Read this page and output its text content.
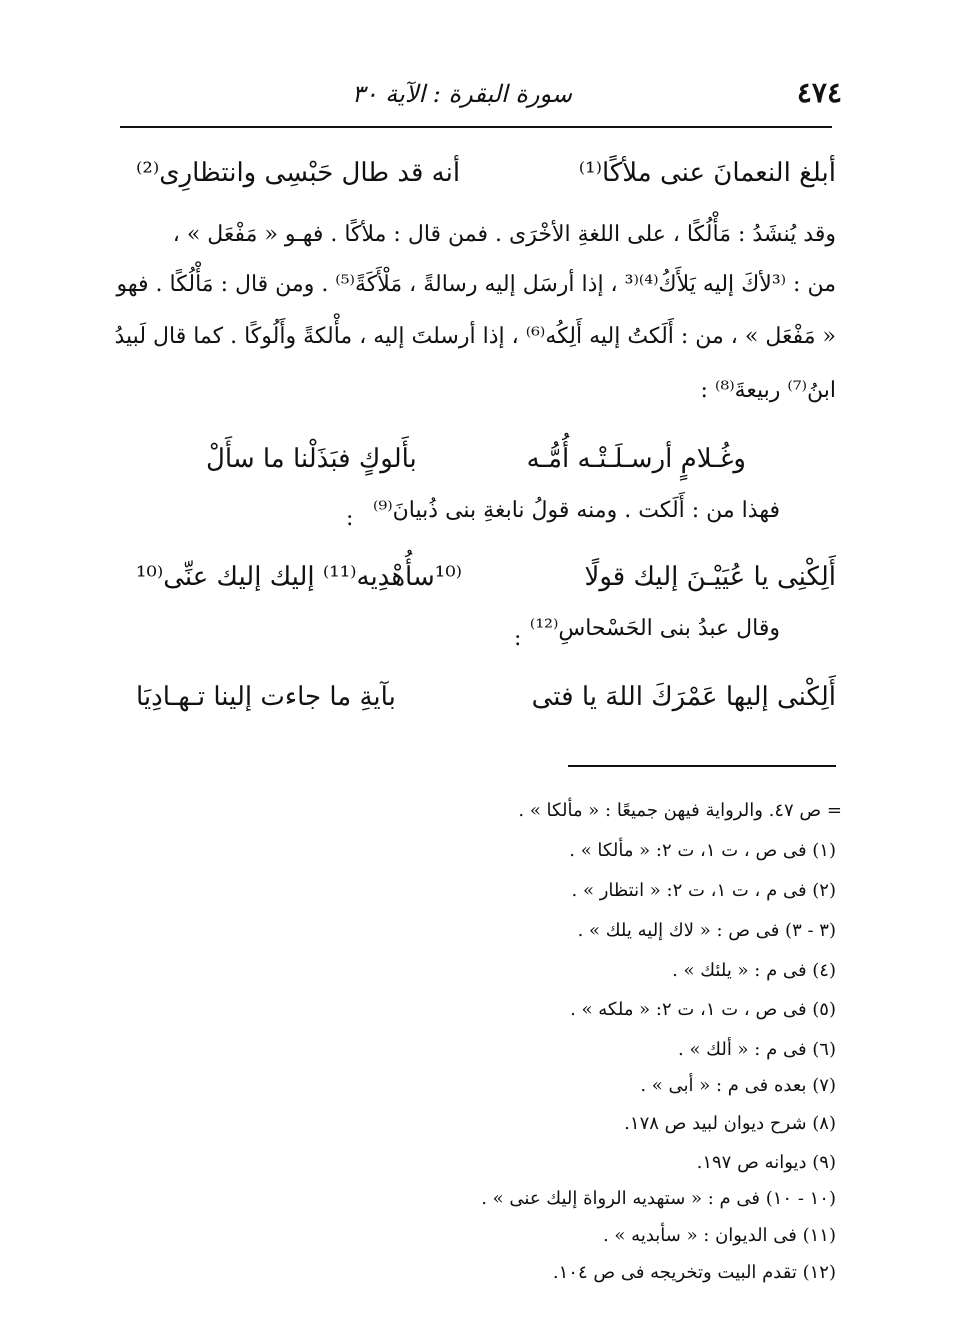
٤٧٤
سورة البقرة : الآية ٣٠
أبلغ النعمانَ عنى ملأكًا⁽¹⁾
أنه قد طال حَبْسِى وانتظارِى⁽²⁾
وقد يُنشَدُ : مَأْلُكًا ، على اللغةِ الأخْرَى . فمن قال : ملأكًا . فهـو « مَفْعَل » ،
من : ⁽³لأكَ إليه يَلأَكُ⁽⁴⁾⁽³ ، إذا أرسَل إليه رسالةً ، مَلْأَكَةً⁽⁵⁾ . ومن قال : مَأْلُكًا . فهو
« مَفْعَل » ، من : أَلَكتُ إليه أَلِكُه⁽⁶⁾ ، إذا أرسلتَ إليه ، مأْلكةً وأَلُوكًا . كما قال لَبيدُ
ابنُ⁽⁷⁾ ربيعةَ⁽⁸⁾ :
وغُـلامٍ أرسـلَـتْـه أُمُّـه
بأَلوكٍ فبَذَلْنا ما سأَلْ
فهذا من : أَلَكت . ومنه قولُ نابغةِ بنى ذُبيانَ⁽⁹⁾
:
أَلِكْنِى يا عُيَيْـنَ إليك قولًا
⁽¹⁰سأُهْدِيه⁽¹¹⁾ إليك إليك عنِّى⁽¹⁰
وقال عبدُ بنى الحَسْحاسِ⁽¹²⁾
:
أَلِكْنى إليها عَمْرَكَ اللهَ يا فتى
بآيةِ ما جاءت إلينا تـهـادِيَا
= ص ٤٧. والرواية فيهن جميعًا : « مألكا » .
(١) فى ص ، ت ١، ت ٢: « مألكا » .
(٢) فى م ، ت ١، ت ٢: « انتظار » .
(٣ - ٣) فى ص : « لاك إليه يلك » .
(٤) فى م : « يلئك » .
(٥) فى ص ، ت ١، ت ٢: « ملكه » .
(٦) فى م : « ألك » .
(٧) بعده فى م : « أبى » .
(٨) شرح ديوان لبيد ص ١٧٨.
(٩) ديوانه ص ١٩٧.
(١٠ - ١٠) فى م : « ستهديه الرواة إليك عنى » .
(١١) فى الديوان : « سأبديه » .
(١٢) تقدم البيت وتخريجه فى ص ١٠٤.
